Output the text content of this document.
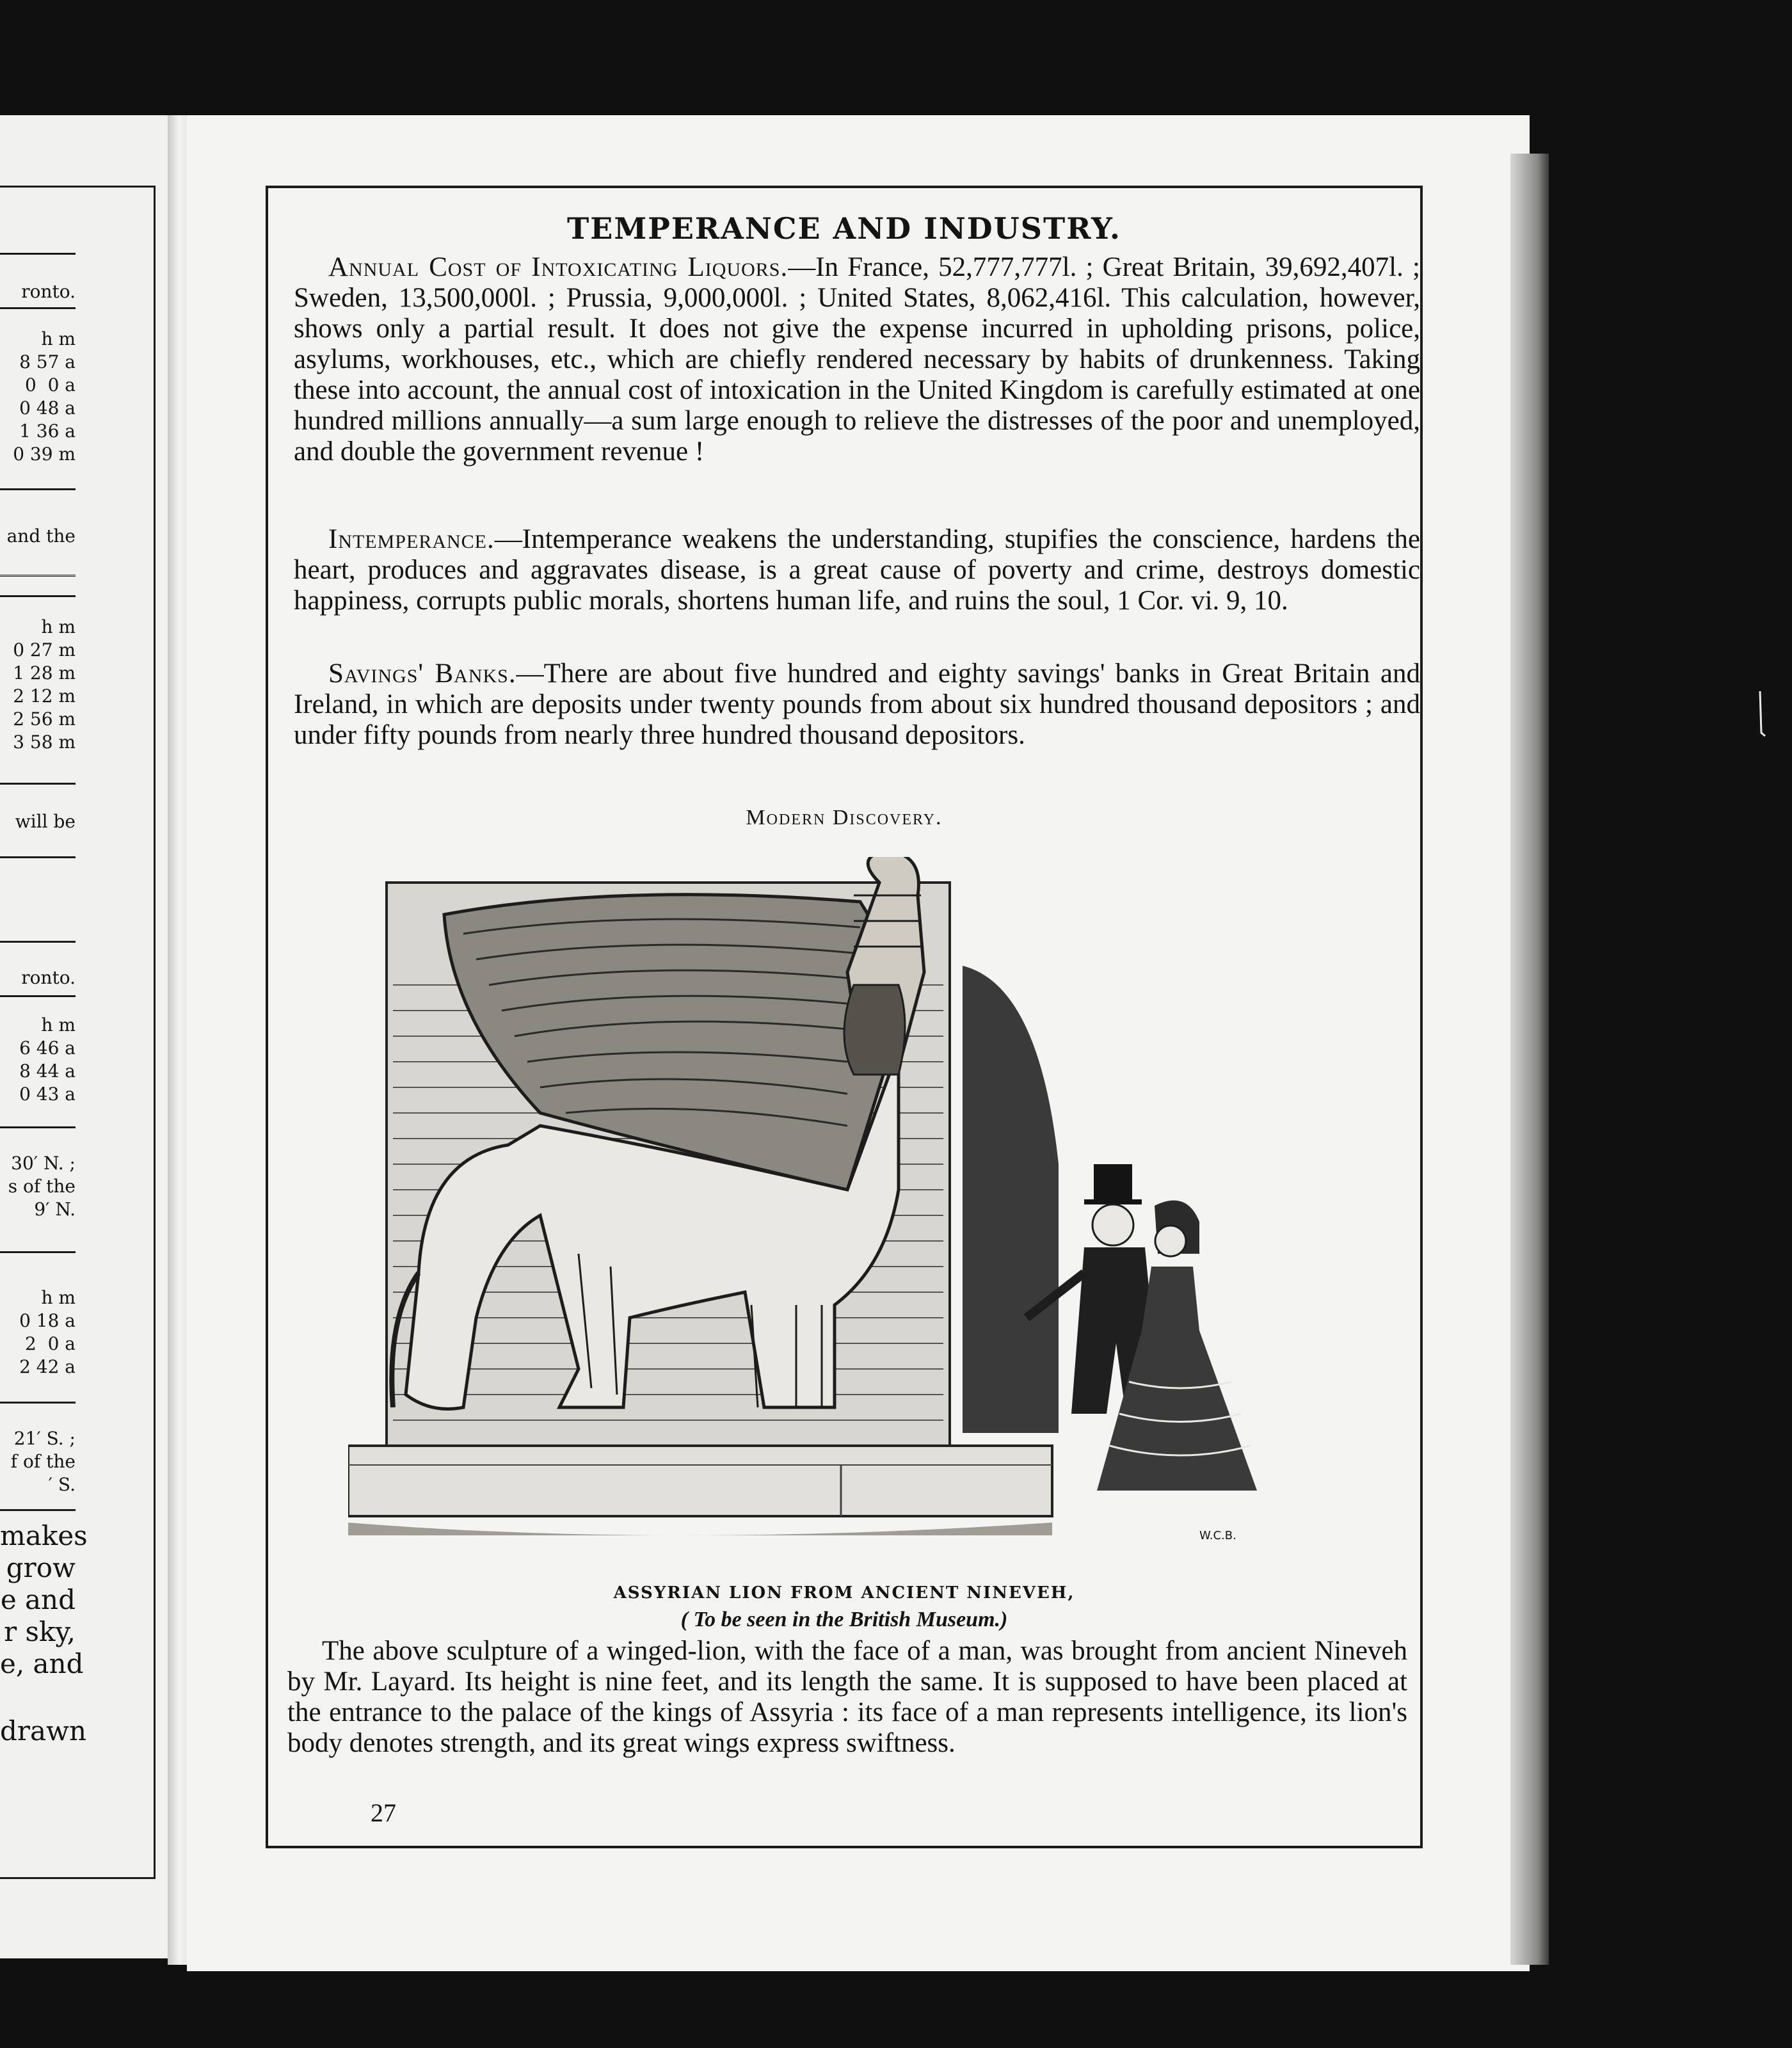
ronto.
h m
8 57 a
0  0 a
0 48 a
1 36 a
0 39 m
and the
h m
0 27 m
1 28 m
2 12 m
2 56 m
3 58 m
will be
ronto.
h m
6 46 a
8 44 a
0 43 a
30′ N. ;
s of the
9′ N.
h m
0 18 a
2  0 a
2 42 a
21′ S. ;
f of the
′ S.
makes
grow
e and
r sky,
e, and
drawn
TEMPERANCE AND INDUSTRY.
Annual Cost of Intoxicating Liquors.—In France, 52,777,777l. ; Great Britain, 39,692,407l. ; Sweden, 13,500,000l. ; Prussia, 9,000,000l. ; United States, 8,062,416l. This calculation, however, shows only a partial result. It does not give the expense incurred in upholding prisons, police, asylums, workhouses, etc., which are chiefly rendered necessary by habits of drunkenness. Taking these into account, the annual cost of intoxication in the United Kingdom is carefully estimated at one hundred millions annually—a sum large enough to relieve the distresses of the poor and unemployed, and double the government revenue !
Intemperance.—Intemperance weakens the understanding, stupifies the conscience, hardens the heart, produces and aggravates disease, is a great cause of poverty and crime, destroys domestic happiness, corrupts public morals, shortens human life, and ruins the soul, 1 Cor. vi. 9, 10.
Savings' Banks.—There are about five hundred and eighty savings' banks in Great Britain and Ireland, in which are deposits under twenty pounds from about six hundred thousand depositors ; and under fifty pounds from nearly three hundred thousand depositors.
Modern Discovery.
W.C.B.
ASSYRIAN LION FROM ANCIENT NINEVEH,
( To be seen in the British Museum.)
The above sculpture of a winged-lion, with the face of a man, was brought from ancient Nineveh by Mr. Layard. Its height is nine feet, and its length the same. It is supposed to have been placed at the entrance to the palace of the kings of Assyria : its face of a man represents intelligence, its lion's body denotes strength, and its great wings express swiftness.
27
